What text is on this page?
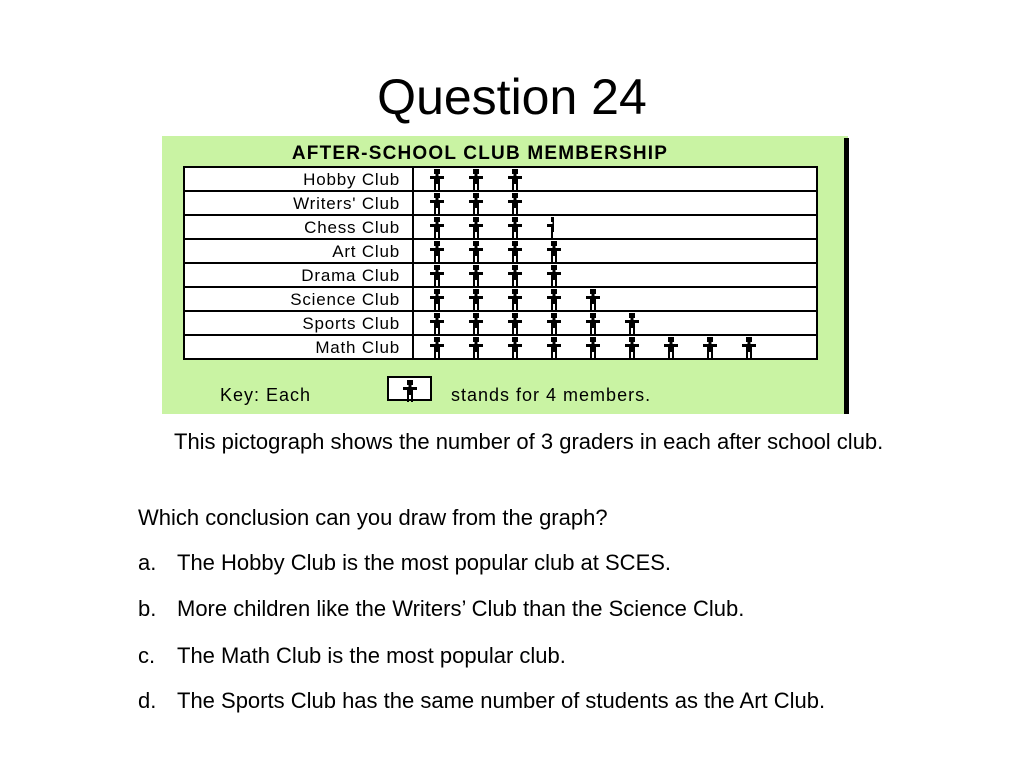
Question 24
AFTER-SCHOOL CLUB MEMBERSHIP
Hobby Club
Writers' Club
Chess Club
Art Club
Drama Club
Science Club
Sports Club
Math Club
Key: Each	stands for 4 members.

This pictograph shows the number of 3 graders in each after school club.

Which conclusion can you draw from the graph?

a. The Hobby Club is the most popular club at SCES.
b. More children like the Writers’ Club than the Science Club.
c. The Math Club is the most popular club.
d. The Sports Club has the same number of students as the Art Club.
